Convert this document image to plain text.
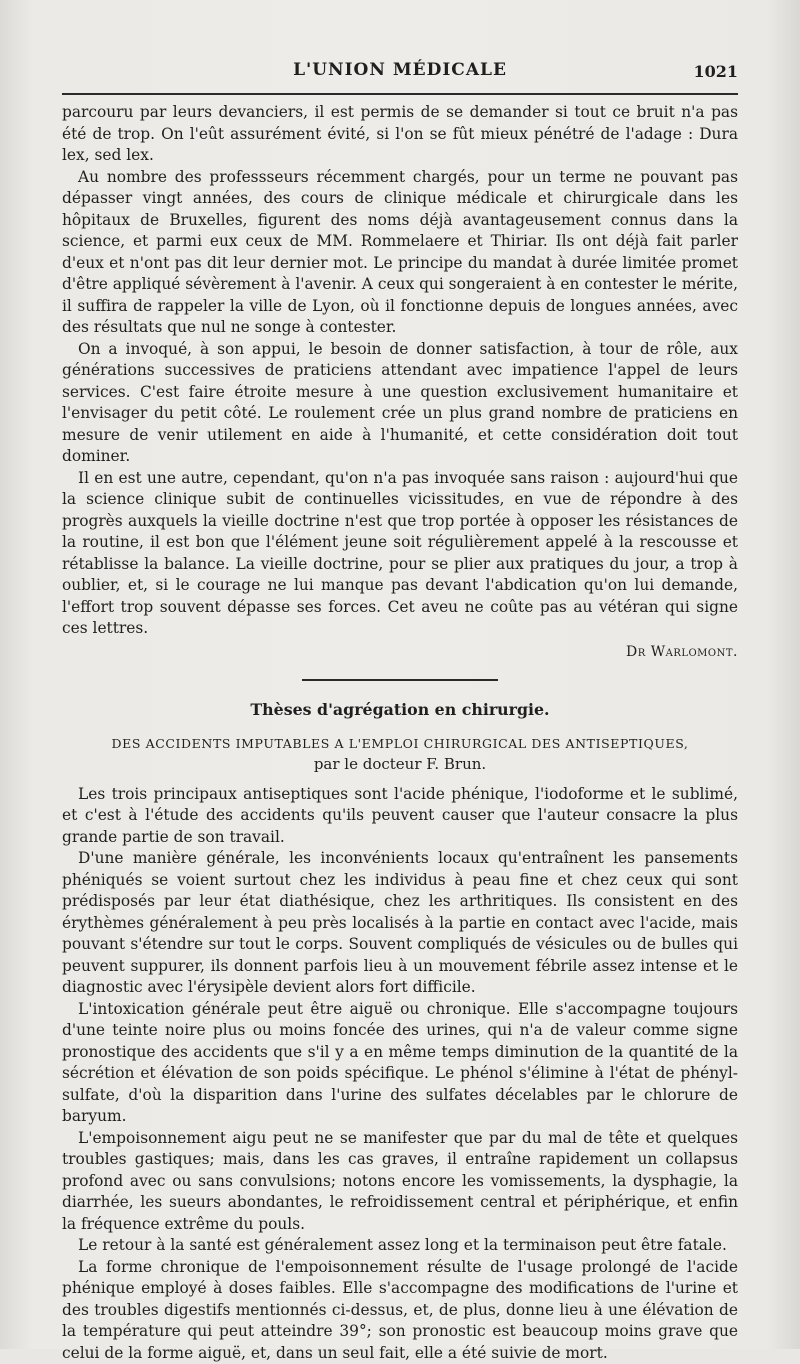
L'UNION MÉDICALE	1021

parcouru par leurs devanciers, il est permis de se demander si tout ce bruit n'a pas été de trop. On l'eût assurément évité, si l'on se fût mieux pénétré de l'adage : Dura lex, sed lex.

Au nombre des professseurs récemment chargés, pour un terme ne pouvant pas dépasser vingt années, des cours de clinique médicale et chirurgicale dans les hôpitaux de Bruxelles, figurent des noms déjà avantageusement connus dans la science, et parmi eux ceux de MM. Rommelaere et Thiriar. Ils ont déjà fait parler d'eux et n'ont pas dit leur dernier mot. Le principe du mandat à durée limitée promet d'être appliqué sévèrement à l'avenir. A ceux qui songeraient à en contester le mérite, il suffira de rappeler la ville de Lyon, où il fonctionne depuis de longues années, avec des résultats que nul ne songe à contester.

On a invoqué, à son appui, le besoin de donner satisfaction, à tour de rôle, aux générations successives de praticiens attendant avec impatience l'appel de leurs services. C'est faire étroite mesure à une question exclusivement humanitaire et l'envisager du petit côté. Le roulement crée un plus grand nombre de praticiens en mesure de venir utilement en aide à l'humanité, et cette considération doit tout dominer.

Il en est une autre, cependant, qu'on n'a pas invoquée sans raison : aujourd'hui que la science clinique subit de continuelles vicissitudes, en vue de répondre à des progrès auxquels la vieille doctrine n'est que trop portée à opposer les résistances de la routine, il est bon que l'élément jeune soit régulièrement appelé à la rescousse et rétablisse la balance. La vieille doctrine, pour se plier aux pratiques du jour, a trop à oublier, et, si le courage ne lui manque pas devant l'abdication qu'on lui demande, l'effort trop souvent dépasse ses forces. Cet aveu ne coûte pas au vétéran qui signe ces lettres.

Dr Warlomont.
Thèses d'agrégation en chirurgie.
DES ACCIDENTS IMPUTABLES A L'EMPLOI CHIRURGICAL DES ANTISEPTIQUES,
par le docteur F. Brun.

Les trois principaux antiseptiques sont l'acide phénique, l'iodoforme et le sublimé, et c'est à l'étude des accidents qu'ils peuvent causer que l'auteur consacre la plus grande partie de son travail.

D'une manière générale, les inconvénients locaux qu'entraînent les pansements phéniqués se voient surtout chez les individus à peau fine et chez ceux qui sont prédisposés par leur état diathésique, chez les arthritiques. Ils consistent en des érythèmes généralement à peu près localisés à la partie en contact avec l'acide, mais pouvant s'étendre sur tout le corps. Souvent compliqués de vésicules ou de bulles qui peuvent suppurer, ils donnent parfois lieu à un mouvement fébrile assez intense et le diagnostic avec l'érysipèle devient alors fort difficile.

L'intoxication générale peut être aiguë ou chronique. Elle s'accompagne toujours d'une teinte noire plus ou moins foncée des urines, qui n'a de valeur comme signe pronostique des accidents que s'il y a en même temps diminution de la quantité de la sécrétion et élévation de son poids spécifique. Le phénol s'élimine à l'état de phényl-sulfate, d'où la disparition dans l'urine des sulfates décelables par le chlorure de baryum.

L'empoisonnement aigu peut ne se manifester que par du mal de tête et quelques troubles gastiques; mais, dans les cas graves, il entraîne rapidement un collapsus profond avec ou sans convulsions; notons encore les vomissements, la dysphagie, la diarrhée, les sueurs abondantes, le refroidissement central et périphérique, et enfin la fréquence extrême du pouls.

Le retour à la santé est généralement assez long et la terminaison peut être fatale.

La forme chronique de l'empoisonnement résulte de l'usage prolongé de l'acide phénique employé à doses faibles. Elle s'accompagne des modifications de l'urine et des troubles digestifs mentionnés ci-dessus, et, de plus, donne lieu à une élévation de la température qui peut atteindre 39°; son pronostic est beaucoup moins grave que celui de la forme aiguë, et, dans un seul fait, elle a été suivie de mort.
